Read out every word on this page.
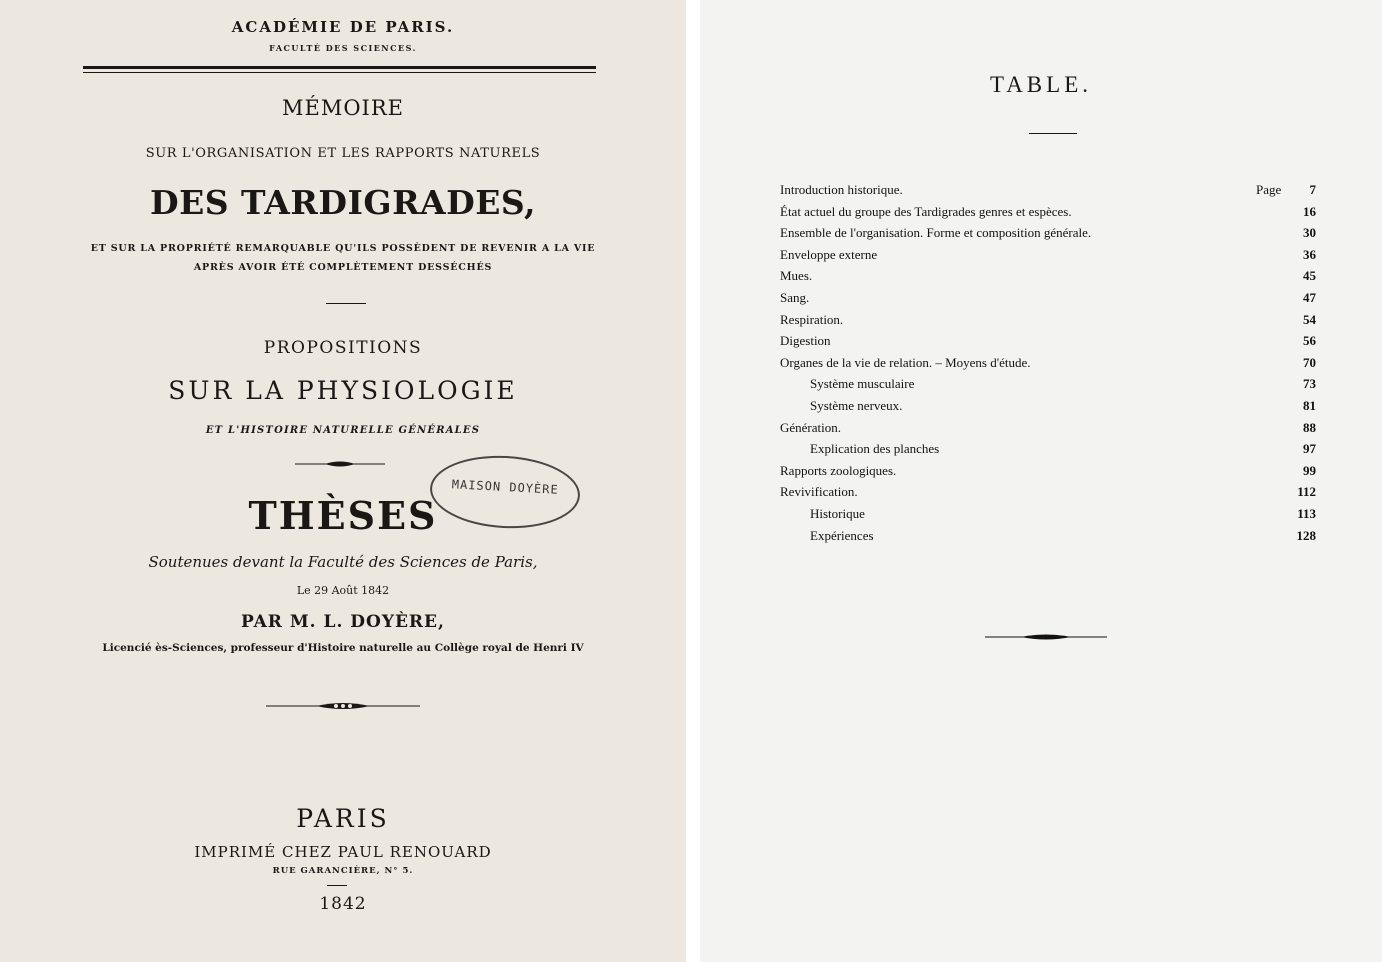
ACADÉMIE DE PARIS.
FACULTÉ DES SCIENCES.
MÉMOIRE
SUR L'ORGANISATION ET LES RAPPORTS NATURELS
DES TARDIGRADES,
ET SUR LA PROPRIÉTÉ REMARQUABLE QU'ILS POSSÈDENT DE REVENIR A LA VIE
APRÈS AVOIR ÉTÉ COMPLÈTEMENT DESSÉCHÉS
PROPOSITIONS
SUR LA PHYSIOLOGIE
ET L'HISTOIRE NATURELLE GÉNÉRALES
MAISON DOYÈRE
THÈSES
Soutenues devant la Faculté des Sciences de Paris,
Le 29 Août 1842
PAR M. L. DOYÈRE,
Licencié ès-Sciences, professeur d'Histoire naturelle au Collège royal de Henri IV
PARIS
IMPRIMÉ CHEZ PAUL RENOUARD
RUE GARANCIÈRE, N° 5.
1842
TABLE.
Introduction historique.	Page 7
État actuel du groupe des Tardigrades genres et espèces.	16
Ensemble de l'organisation. Forme et composition générale.	30
Enveloppe externe	36
Mues.	45
Sang.	47
Respiration.	54
Digestion	56
Organes de la vie de relation. – Moyens d'étude.	70
Système musculaire	73
Système nerveux.	81
Génération.	88
Explication des planches	97
Rapports zoologiques.	99
Revivification.	112
Historique	113
Expériences	128
